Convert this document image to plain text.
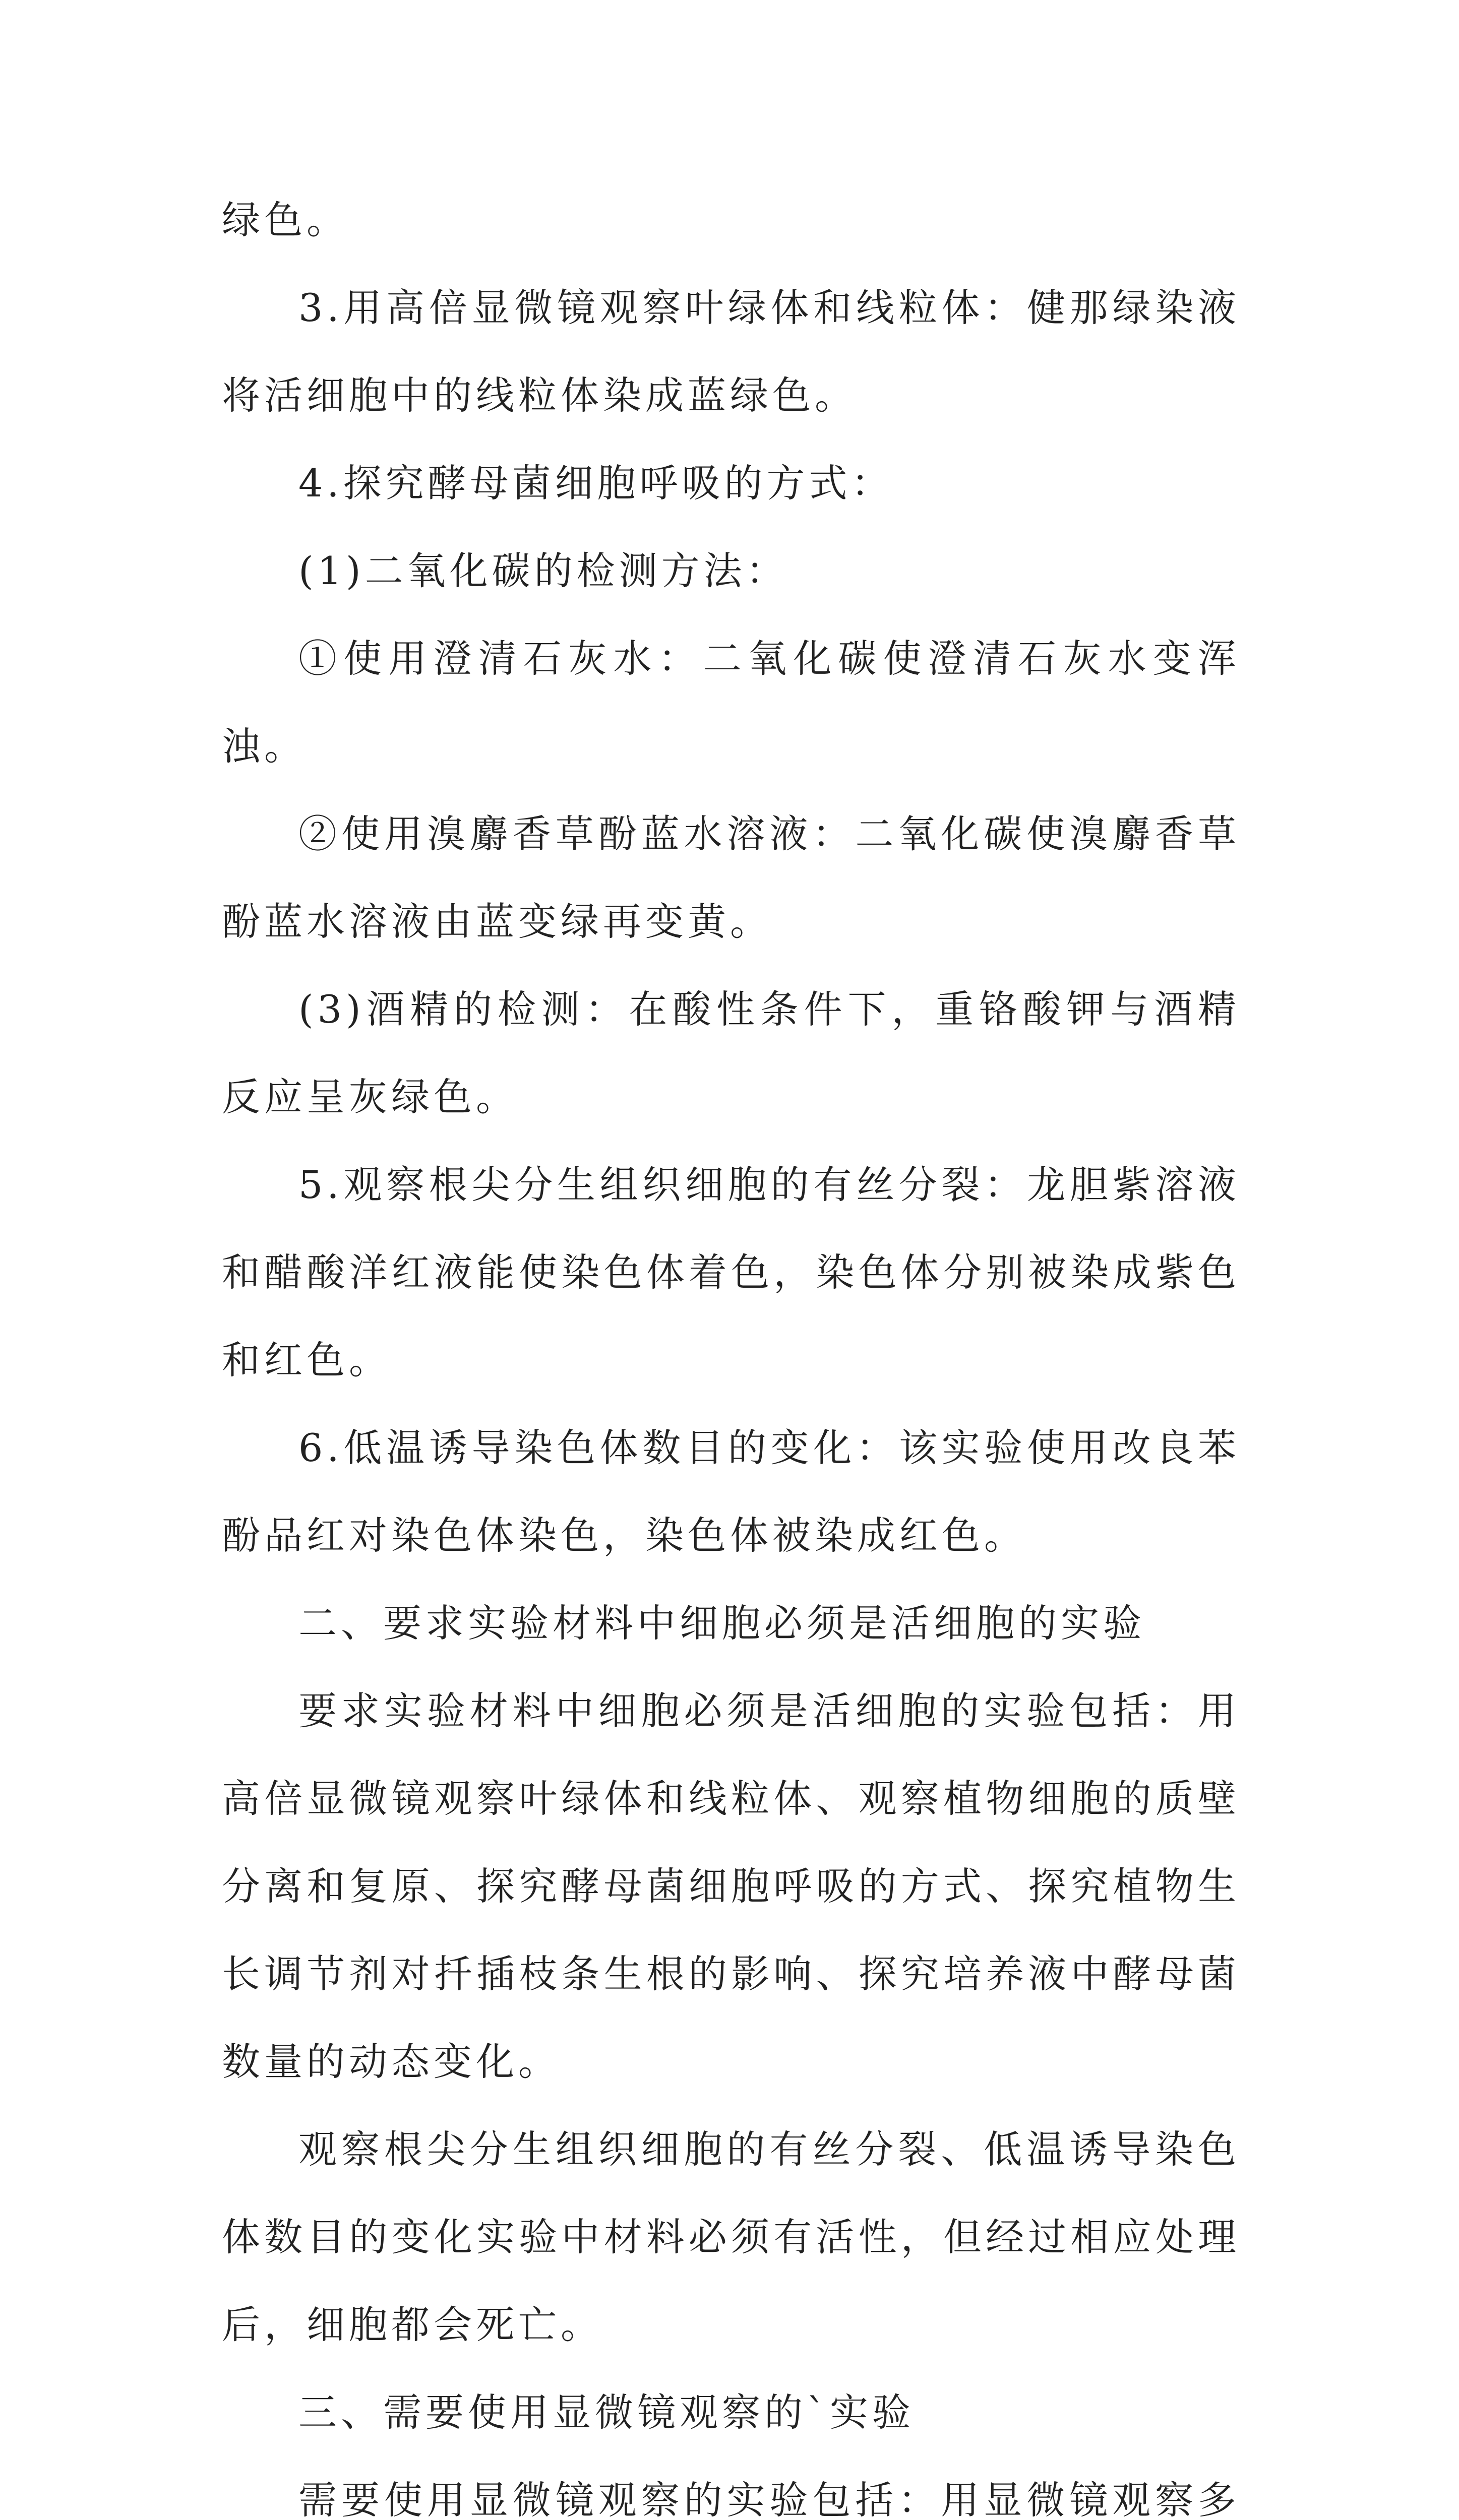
绿色。

3.用高倍显微镜观察叶绿体和线粒体：健那绿染液将活细胞中的线粒体染成蓝绿色。

4.探究酵母菌细胞呼吸的方式：

(1)二氧化碳的检测方法：

①使用澄清石灰水：二氧化碳使澄清石灰水变浑浊。

②使用溴麝香草酚蓝水溶液：二氧化碳使溴麝香草酚蓝水溶液由蓝变绿再变黄。

(3)酒精的检测：在酸性条件下，重铬酸钾与酒精反应呈灰绿色。

5.观察根尖分生组织细胞的有丝分裂：龙胆紫溶液和醋酸洋红液能使染色体着色，染色体分别被染成紫色和红色。

6.低温诱导染色体数目的变化：该实验使用改良苯酚品红对染色体染色，染色体被染成红色。

二、要求实验材料中细胞必须是活细胞的实验

要求实验材料中细胞必须是活细胞的实验包括：用高倍显微镜观察叶绿体和线粒体、观察植物细胞的质壁分离和复原、探究酵母菌细胞呼吸的方式、探究植物生长调节剂对扦插枝条生根的影响、探究培养液中酵母菌数量的动态变化。

观察根尖分生组织细胞的有丝分裂、低温诱导染色体数目的变化实验中材料必须有活性，但经过相应处理后，细胞都会死亡。

三、需要使用显微镜观察的`实验

需要使用显微镜观察的实验包括：用显微镜观察多
